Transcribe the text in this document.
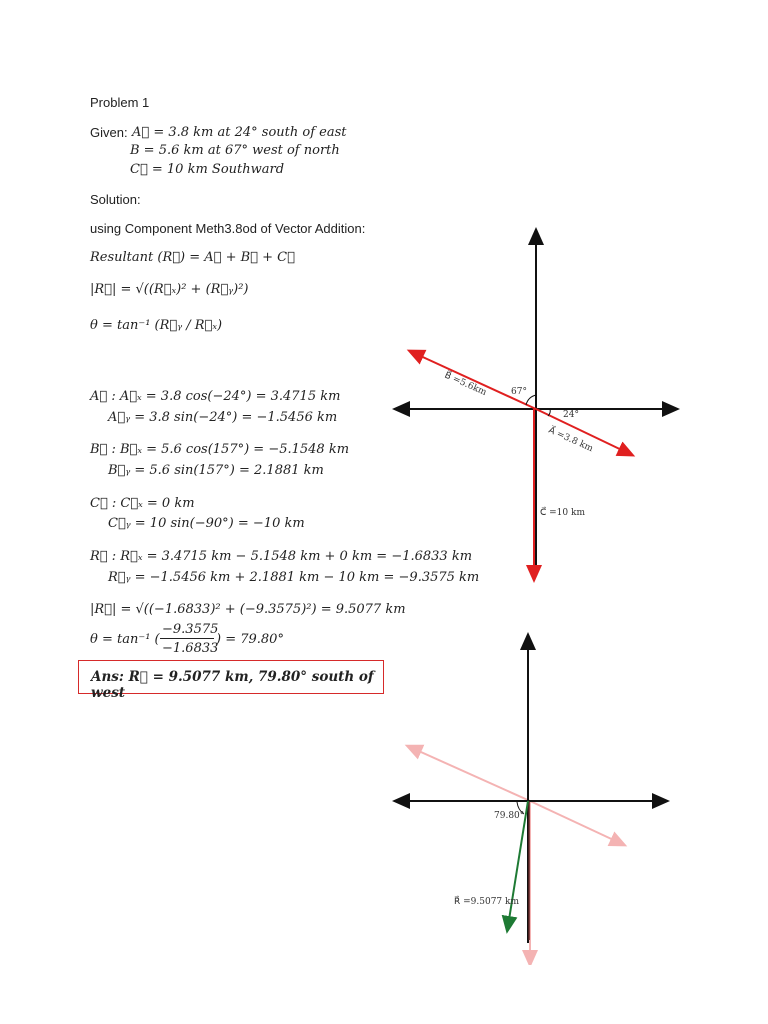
Problem 1
Given: A⃗ = 3.8 km at 24° south of east
B = 5.6 km at 67° west of north
C⃗ = 10 km Southward
Solution:
using Component Meth3.8od of Vector Addition:
Resultant (R⃗) = A⃗ + B⃗ + C⃗
|R⃗| = √((R⃗ₓ)² + (R⃗ᵧ)²)
θ = tan⁻¹ (R⃗ᵧ / R⃗ₓ)
A⃗ : A⃗ₓ = 3.8 cos(−24°) = 3.4715 km
A⃗ᵧ = 3.8 sin(−24°) = −1.5456 km
B⃗ : B⃗ₓ = 5.6 cos(157°) = −5.1548 km
B⃗ᵧ = 5.6 sin(157°) = 2.1881 km
C⃗ : C⃗ₓ = 0 km
C⃗ᵧ = 10 sin(−90°) = −10 km
R⃗ : R⃗ₓ = 3.4715 km − 5.1548 km + 0 km = −1.6833 km
R⃗ᵧ = −1.5456 km + 2.1881 km − 10 km = −9.3575 km
|R⃗| = √((−1.6833)² + (−9.3575)²) = 9.5077 km
θ = tan⁻¹ (
−9.3575
−1.6833
) = 79.80°
Ans: R⃗ = 9.5077 km, 79.80° south of west
B⃗ =5.6km
A⃗ =3.8 km
C⃗ =10 km
67°
24°
79.80°
R⃗ =9.5077 km
